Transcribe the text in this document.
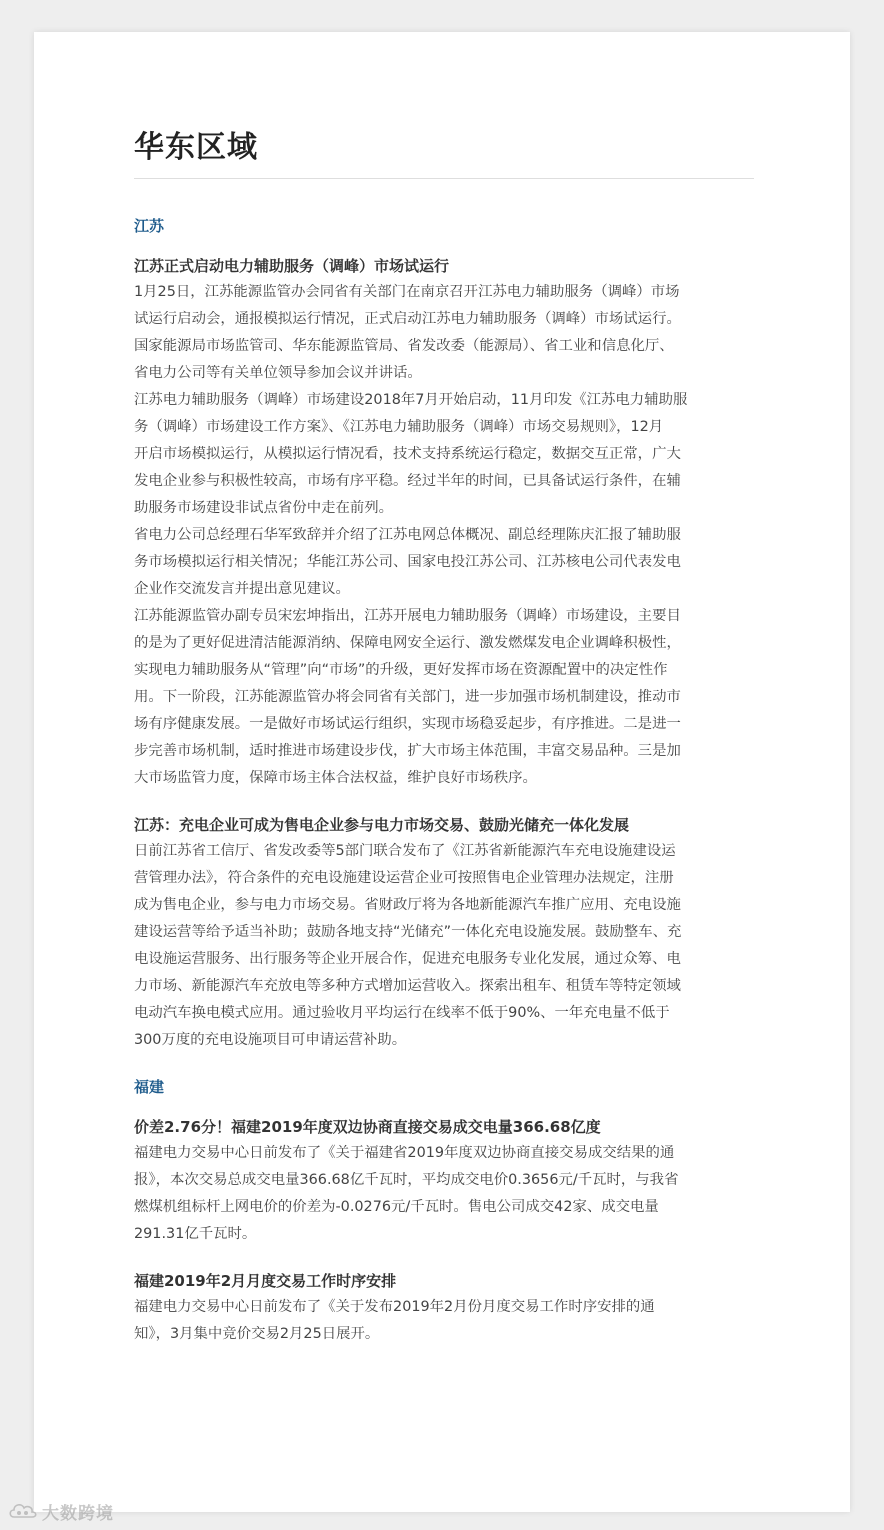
华东区域
江苏
江苏正式启动电力辅助服务（调峰）市场试运行

1月25日，江苏能源监管办会同省有关部门在南京召开江苏电力辅助服务（调峰）市场
试运行启动会，通报模拟运行情况，正式启动江苏电力辅助服务（调峰）市场试运行。
国家能源局市场监管司、华东能源监管局、省发改委（能源局）、省工业和信息化厅、
省电力公司等有关单位领导参加会议并讲话。

江苏电力辅助服务（调峰）市场建设2018年7月开始启动，11月印发《江苏电力辅助服
务（调峰）市场建设工作方案》、《江苏电力辅助服务（调峰）市场交易规则》，12月
开启市场模拟运行，从模拟运行情况看，技术支持系统运行稳定，数据交互正常，广大
发电企业参与积极性较高，市场有序平稳。经过半年的时间，已具备试运行条件，在辅
助服务市场建设非试点省份中走在前列。

省电力公司总经理石华军致辞并介绍了江苏电网总体概况、副总经理陈庆汇报了辅助服
务市场模拟运行相关情况；华能江苏公司、国家电投江苏公司、江苏核电公司代表发电
企业作交流发言并提出意见建议。

江苏能源监管办副专员宋宏坤指出，江苏开展电力辅助服务（调峰）市场建设，主要目
的是为了更好促进清洁能源消纳、保障电网安全运行、激发燃煤发电企业调峰积极性，
实现电力辅助服务从“管理”向“市场”的升级，更好发挥市场在资源配置中的决定性作
用。下一阶段，江苏能源监管办将会同省有关部门，进一步加强市场机制建设，推动市
场有序健康发展。一是做好市场试运行组织，实现市场稳妥起步，有序推进。二是进一
步完善市场机制，适时推进市场建设步伐，扩大市场主体范围，丰富交易品种。三是加
大市场监管力度，保障市场主体合法权益，维护良好市场秩序。

江苏：充电企业可成为售电企业参与电力市场交易、鼓励光储充一体化发展

日前江苏省工信厅、省发改委等5部门联合发布了《江苏省新能源汽车充电设施建设运
营管理办法》，符合条件的充电设施建设运营企业可按照售电企业管理办法规定，注册
成为售电企业，参与电力市场交易。省财政厅将为各地新能源汽车推广应用、充电设施
建设运营等给予适当补助；鼓励各地支持“光储充”一体化充电设施发展。鼓励整车、充
电设施运营服务、出行服务等企业开展合作，促进充电服务专业化发展，通过众筹、电
力市场、新能源汽车充放电等多种方式增加运营收入。探索出租车、租赁车等特定领域
电动汽车换电模式应用。通过验收月平均运行在线率不低于90%、一年充电量不低于
300万度的充电设施项目可申请运营补助。

福建
价差2.76分！福建2019年度双边协商直接交易成交电量366.68亿度

福建电力交易中心日前发布了《关于福建省2019年度双边协商直接交易成交结果的通
报》，本次交易总成交电量366.68亿千瓦时，平均成交电价0.3656元/千瓦时，与我省
燃煤机组标杆上网电价的价差为-0.0276元/千瓦时。售电公司成交42家、成交电量
291.31亿千瓦时。

福建2019年2月月度交易工作时序安排

福建电力交易中心日前发布了《关于发布2019年2月份月度交易工作时序安排的通
知》，3月集中竞价交易2月25日展开。

大数跨境
